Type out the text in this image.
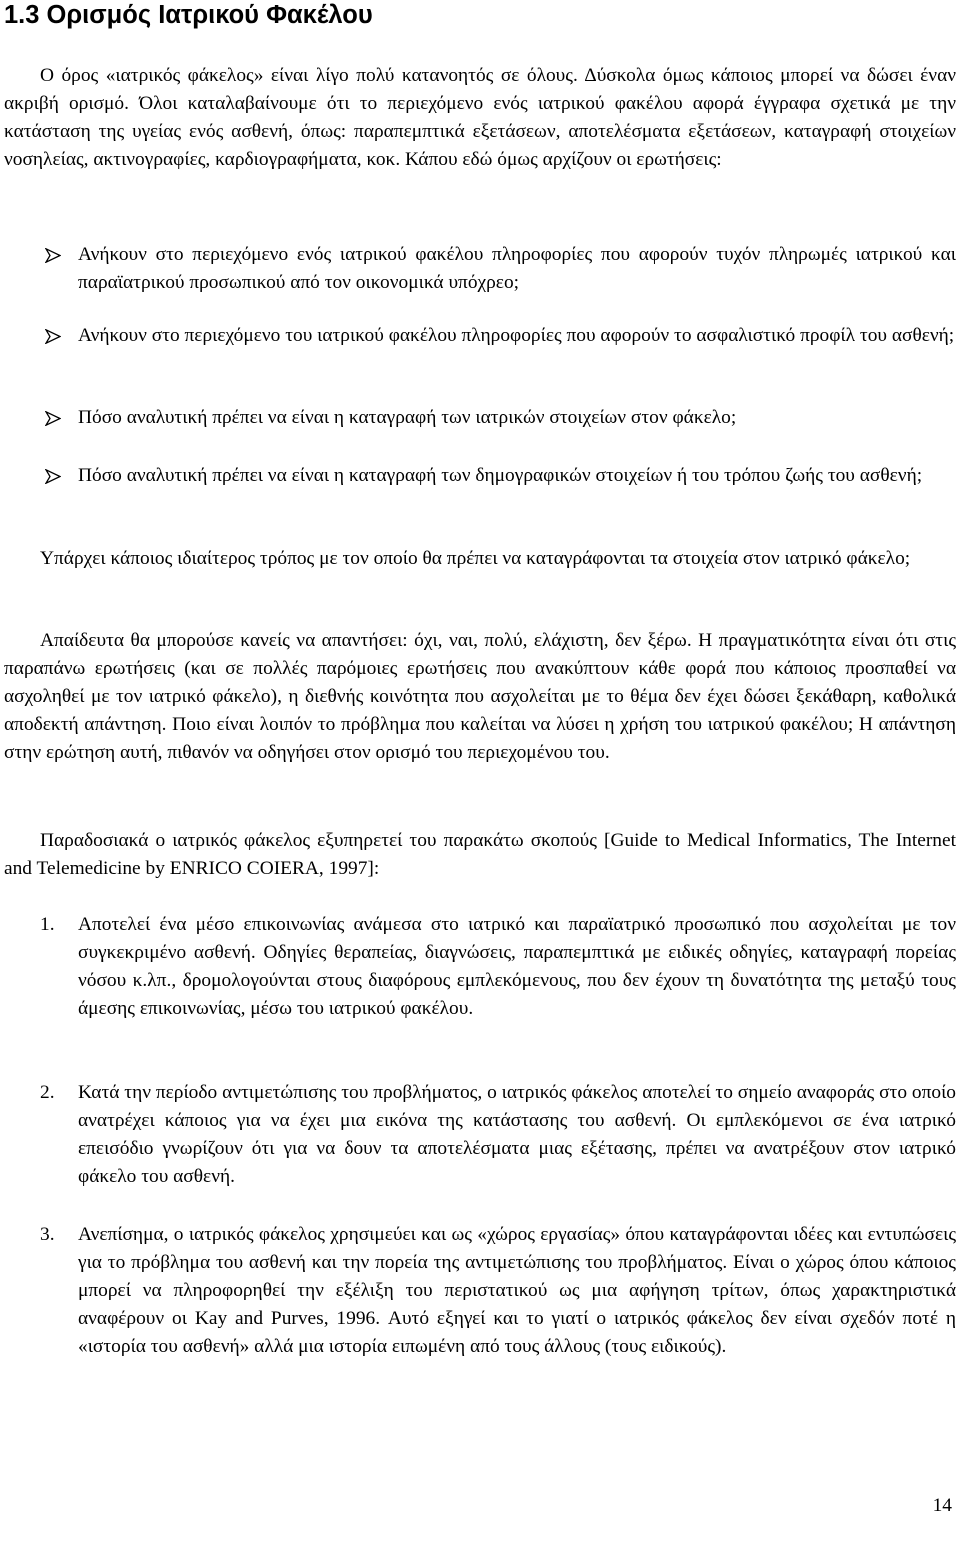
1.3 Ορισμός Ιατρικού Φακέλου

Ο όρος «ιατρικός φάκελος» είναι λίγο πολύ κατανοητός σε όλους. Δύσκολα όμως κάποιος μπορεί να δώσει έναν ακριβή ορισμό. Όλοι καταλαβαίνουμε ότι το περιεχόμενο ενός ιατρικού φακέλου αφορά έγγραφα σχετικά με την κατάσταση της υγείας ενός ασθενή, όπως: παραπεμπτικά εξετάσεων, αποτελέσματα εξετάσεων, καταγραφή στοιχείων νοσηλείας, ακτινογραφίες, καρδιογραφήματα, κοκ. Κάπου εδώ όμως αρχίζουν οι ερωτήσεις:

Ανήκουν στο περιεχόμενο ενός ιατρικού φακέλου πληροφορίες που αφορούν τυχόν πληρωμές ιατρικού και παραϊατρικού προσωπικού από τον οικονομικά υπόχρεο;

Ανήκουν στο περιεχόμενο του ιατρικού φακέλου πληροφορίες που αφορούν το ασφαλιστικό προφίλ του ασθενή;

Πόσο αναλυτική πρέπει να είναι η καταγραφή των ιατρικών στοιχείων στον φάκελο;

Πόσο αναλυτική πρέπει να είναι η καταγραφή των δημογραφικών στοιχείων ή του τρόπου ζωής του ασθενή;

Υπάρχει κάποιος ιδιαίτερος τρόπος με τον οποίο θα πρέπει να καταγράφονται τα στοιχεία στον ιατρικό φάκελο;

Απαίδευτα θα μπορούσε κανείς να απαντήσει: όχι, ναι, πολύ, ελάχιστη, δεν ξέρω. Η πραγματικότητα είναι ότι στις παραπάνω ερωτήσεις (και σε πολλές παρόμοιες ερωτήσεις που ανακύπτουν κάθε φορά που κάποιος προσπαθεί να ασχοληθεί με τον ιατρικό φάκελο), η διεθνής κοινότητα που ασχολείται με το θέμα δεν έχει δώσει ξεκάθαρη, καθολικά αποδεκτή απάντηση. Ποιο είναι λοιπόν το πρόβλημα που καλείται να λύσει η χρήση του ιατρικού φακέλου; Η απάντηση στην ερώτηση αυτή, πιθανόν να οδηγήσει στον ορισμό του περιεχομένου του.

Παραδοσιακά ο ιατρικός φάκελος εξυπηρετεί του παρακάτω σκοπούς [Guide to Medical Informatics, The Internet and Telemedicine by ENRICO COIERA, 1997]:

1. Αποτελεί ένα μέσο επικοινωνίας ανάμεσα στο ιατρικό και παραϊατρικό προσωπικό που ασχολείται με τον συγκεκριμένο ασθενή. Οδηγίες θεραπείας, διαγνώσεις, παραπεμπτικά με ειδικές οδηγίες, καταγραφή πορείας νόσου κ.λπ., δρομολογούνται στους διαφόρους εμπλεκόμενους, που δεν έχουν τη δυνατότητα της μεταξύ τους άμεσης επικοινωνίας, μέσω του ιατρικού φακέλου.

2. Κατά την περίοδο αντιμετώπισης του προβλήματος, ο ιατρικός φάκελος αποτελεί το σημείο αναφοράς στο οποίο ανατρέχει κάποιος για να έχει μια εικόνα της κατάστασης του ασθενή. Οι εμπλεκόμενοι σε ένα ιατρικό επεισόδιο γνωρίζουν ότι για να δουν τα αποτελέσματα μιας εξέτασης, πρέπει να ανατρέξουν στον ιατρικό φάκελο του ασθενή.

3. Ανεπίσημα, ο ιατρικός φάκελος χρησιμεύει και ως «χώρος εργασίας» όπου καταγράφονται ιδέες και εντυπώσεις για το πρόβλημα του ασθενή και την πορεία της αντιμετώπισης του προβλήματος. Είναι ο χώρος όπου κάποιος μπορεί να πληροφορηθεί την εξέλιξη του περιστατικού ως μια αφήγηση τρίτων, όπως χαρακτηριστικά αναφέρουν οι Kay and Purves, 1996. Αυτό εξηγεί και το γιατί ο ιατρικός φάκελος δεν είναι σχεδόν ποτέ η «ιστορία του ασθενή» αλλά μια ιστορία ειπωμένη από τους άλλους (τους ειδικούς).

14
